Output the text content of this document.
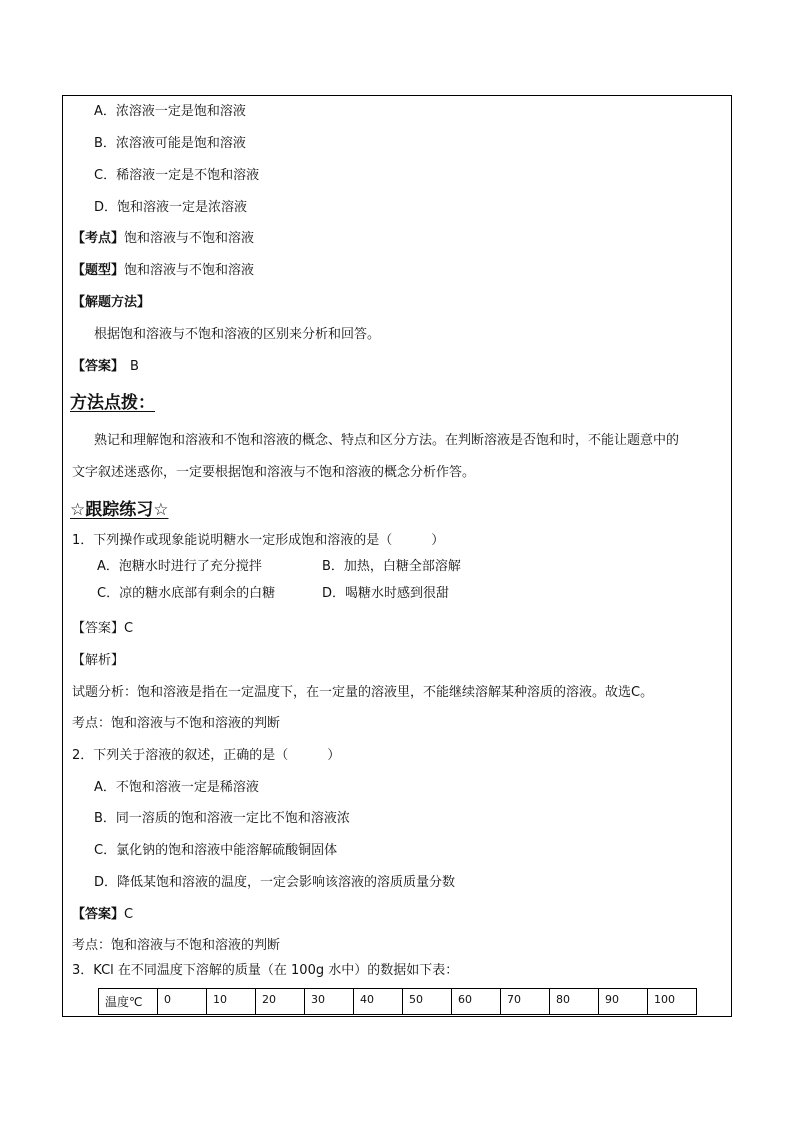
A．浓溶液一定是饱和溶液
B．浓溶液可能是饱和溶液
C．稀溶液一定是不饱和溶液
D．饱和溶液一定是浓溶液
【考点】饱和溶液与不饱和溶液
【题型】饱和溶液与不饱和溶液
【解题方法】
根据饱和溶液与不饱和溶液的区别来分析和回答。
【答案】 B
方法点拨：
熟记和理解饱和溶液和不饱和溶液的概念、特点和区分方法。在判断溶液是否饱和时，不能让题意中的
文字叙述迷惑你，一定要根据饱和溶液与不饱和溶液的概念分析作答。
☆跟踪练习☆
1．下列操作或现象能说明糖水一定形成饱和溶液的是（　　　）
A．泡糖水时进行了充分搅拌	B．加热，白糖全部溶解
C．凉的糖水底部有剩余的白糖	D．喝糖水时感到很甜
【答案】C
【解析】
试题分析：饱和溶液是指在一定温度下，在一定量的溶液里，不能继续溶解某种溶质的溶液。故选C。
考点：饱和溶液与不饱和溶液的判断
2．下列关于溶液的叙述，正确的是（　　　）
A．不饱和溶液一定是稀溶液
B．同一溶质的饱和溶液一定比不饱和溶液浓
C．氯化钠的饱和溶液中能溶解硫酸铜固体
D．降低某饱和溶液的温度，一定会影响该溶液的溶质质量分数
【答案】C
考点：饱和溶液与不饱和溶液的判断
3．KCl 在不同温度下溶解的质量（在 100g 水中）的数据如下表：
温度℃	0	10	20	30	40	50	60	70	80	90	100
